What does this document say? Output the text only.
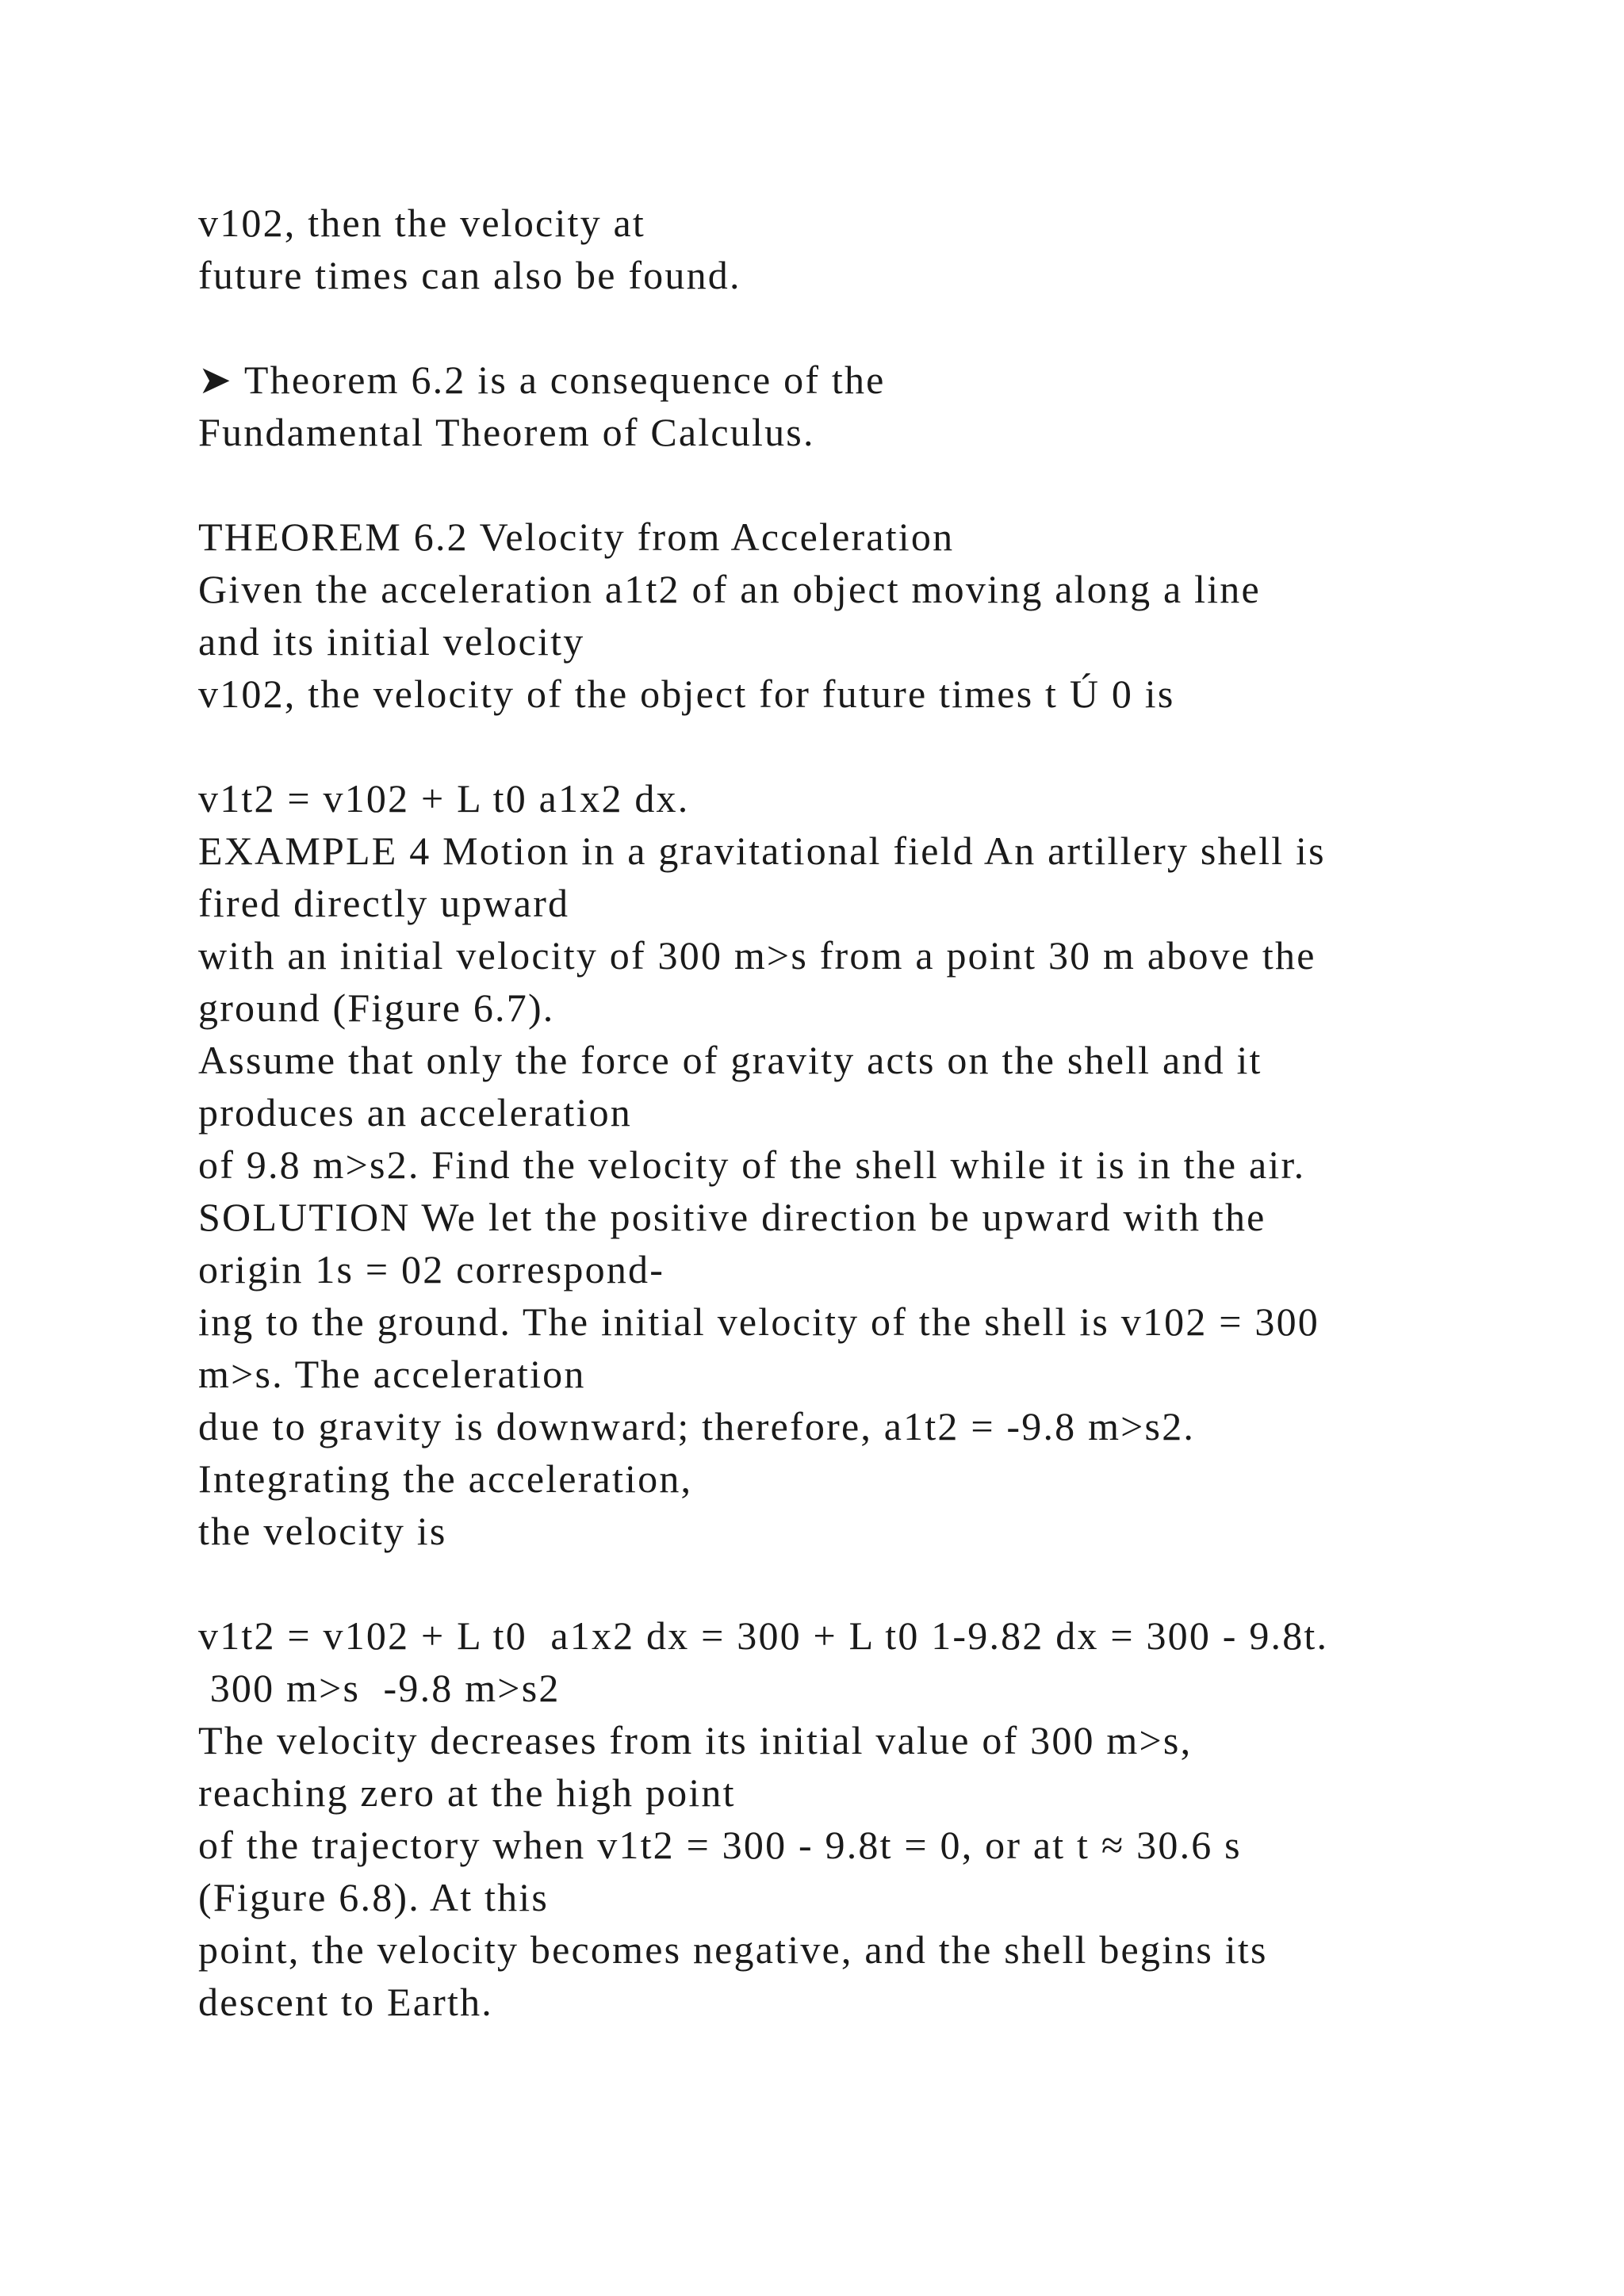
v102, then the velocity at
future times can also be found.
➤ Theorem 6.2 is a consequence of the
Fundamental Theorem of Calculus.
THEOREM 6.2 Velocity from Acceleration
Given the acceleration a1t2 of an object moving along a line
and its initial velocity
v102, the velocity of the object for future times t Ú 0 is
v1t2 = v102 + L t0 a1x2 dx.
EXAMPLE 4 Motion in a gravitational field An artillery shell is
fired directly upward
with an initial velocity of 300 m>s from a point 30 m above the
ground (Figure 6.7).
Assume that only the force of gravity acts on the shell and it
produces an acceleration
of 9.8 m>s2. Find the velocity of the shell while it is in the air.
SOLUTION We let the positive direction be upward with the
origin 1s = 02 correspond-
ing to the ground. The initial velocity of the shell is v102 = 300
m>s. The acceleration
due to gravity is downward; therefore, a1t2 = -9.8 m>s2.
Integrating the acceleration,
the velocity is
v1t2 = v102 + L t0  a1x2 dx = 300 + L t0 1-9.82 dx = 300 - 9.8t.
300 m>s  -9.8 m>s2
The velocity decreases from its initial value of 300 m>s,
reaching zero at the high point
of the trajectory when v1t2 = 300 - 9.8t = 0, or at t ≈ 30.6 s
(Figure 6.8). At this
point, the velocity becomes negative, and the shell begins its
descent to Earth.
